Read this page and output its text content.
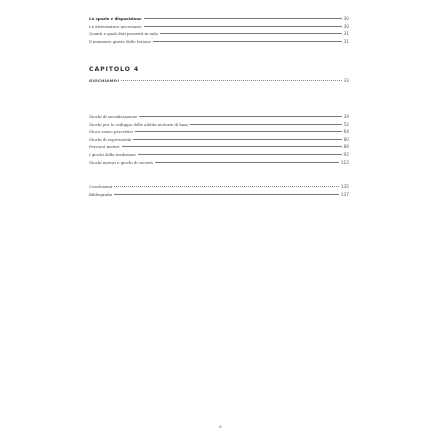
Lo spazio e disposizione	30
Le attrezzature necessarie	30
Quanti e quali dati presenti in aula	31
Il momento giusto delle lezione	31
CAPITOLO 4
GIOCHIAMO!	33
Giochi di socializzazione	34
Giochi per lo sviluppo delle abilità motorie di base	52
Gioco senso percettivi	64
Giochi di espressività	80
Percorsi motori	89
I giochi della tradizione	92
Giochi motori e giochi di società	112
Conclusioni	135
Bibliografia	137
6
